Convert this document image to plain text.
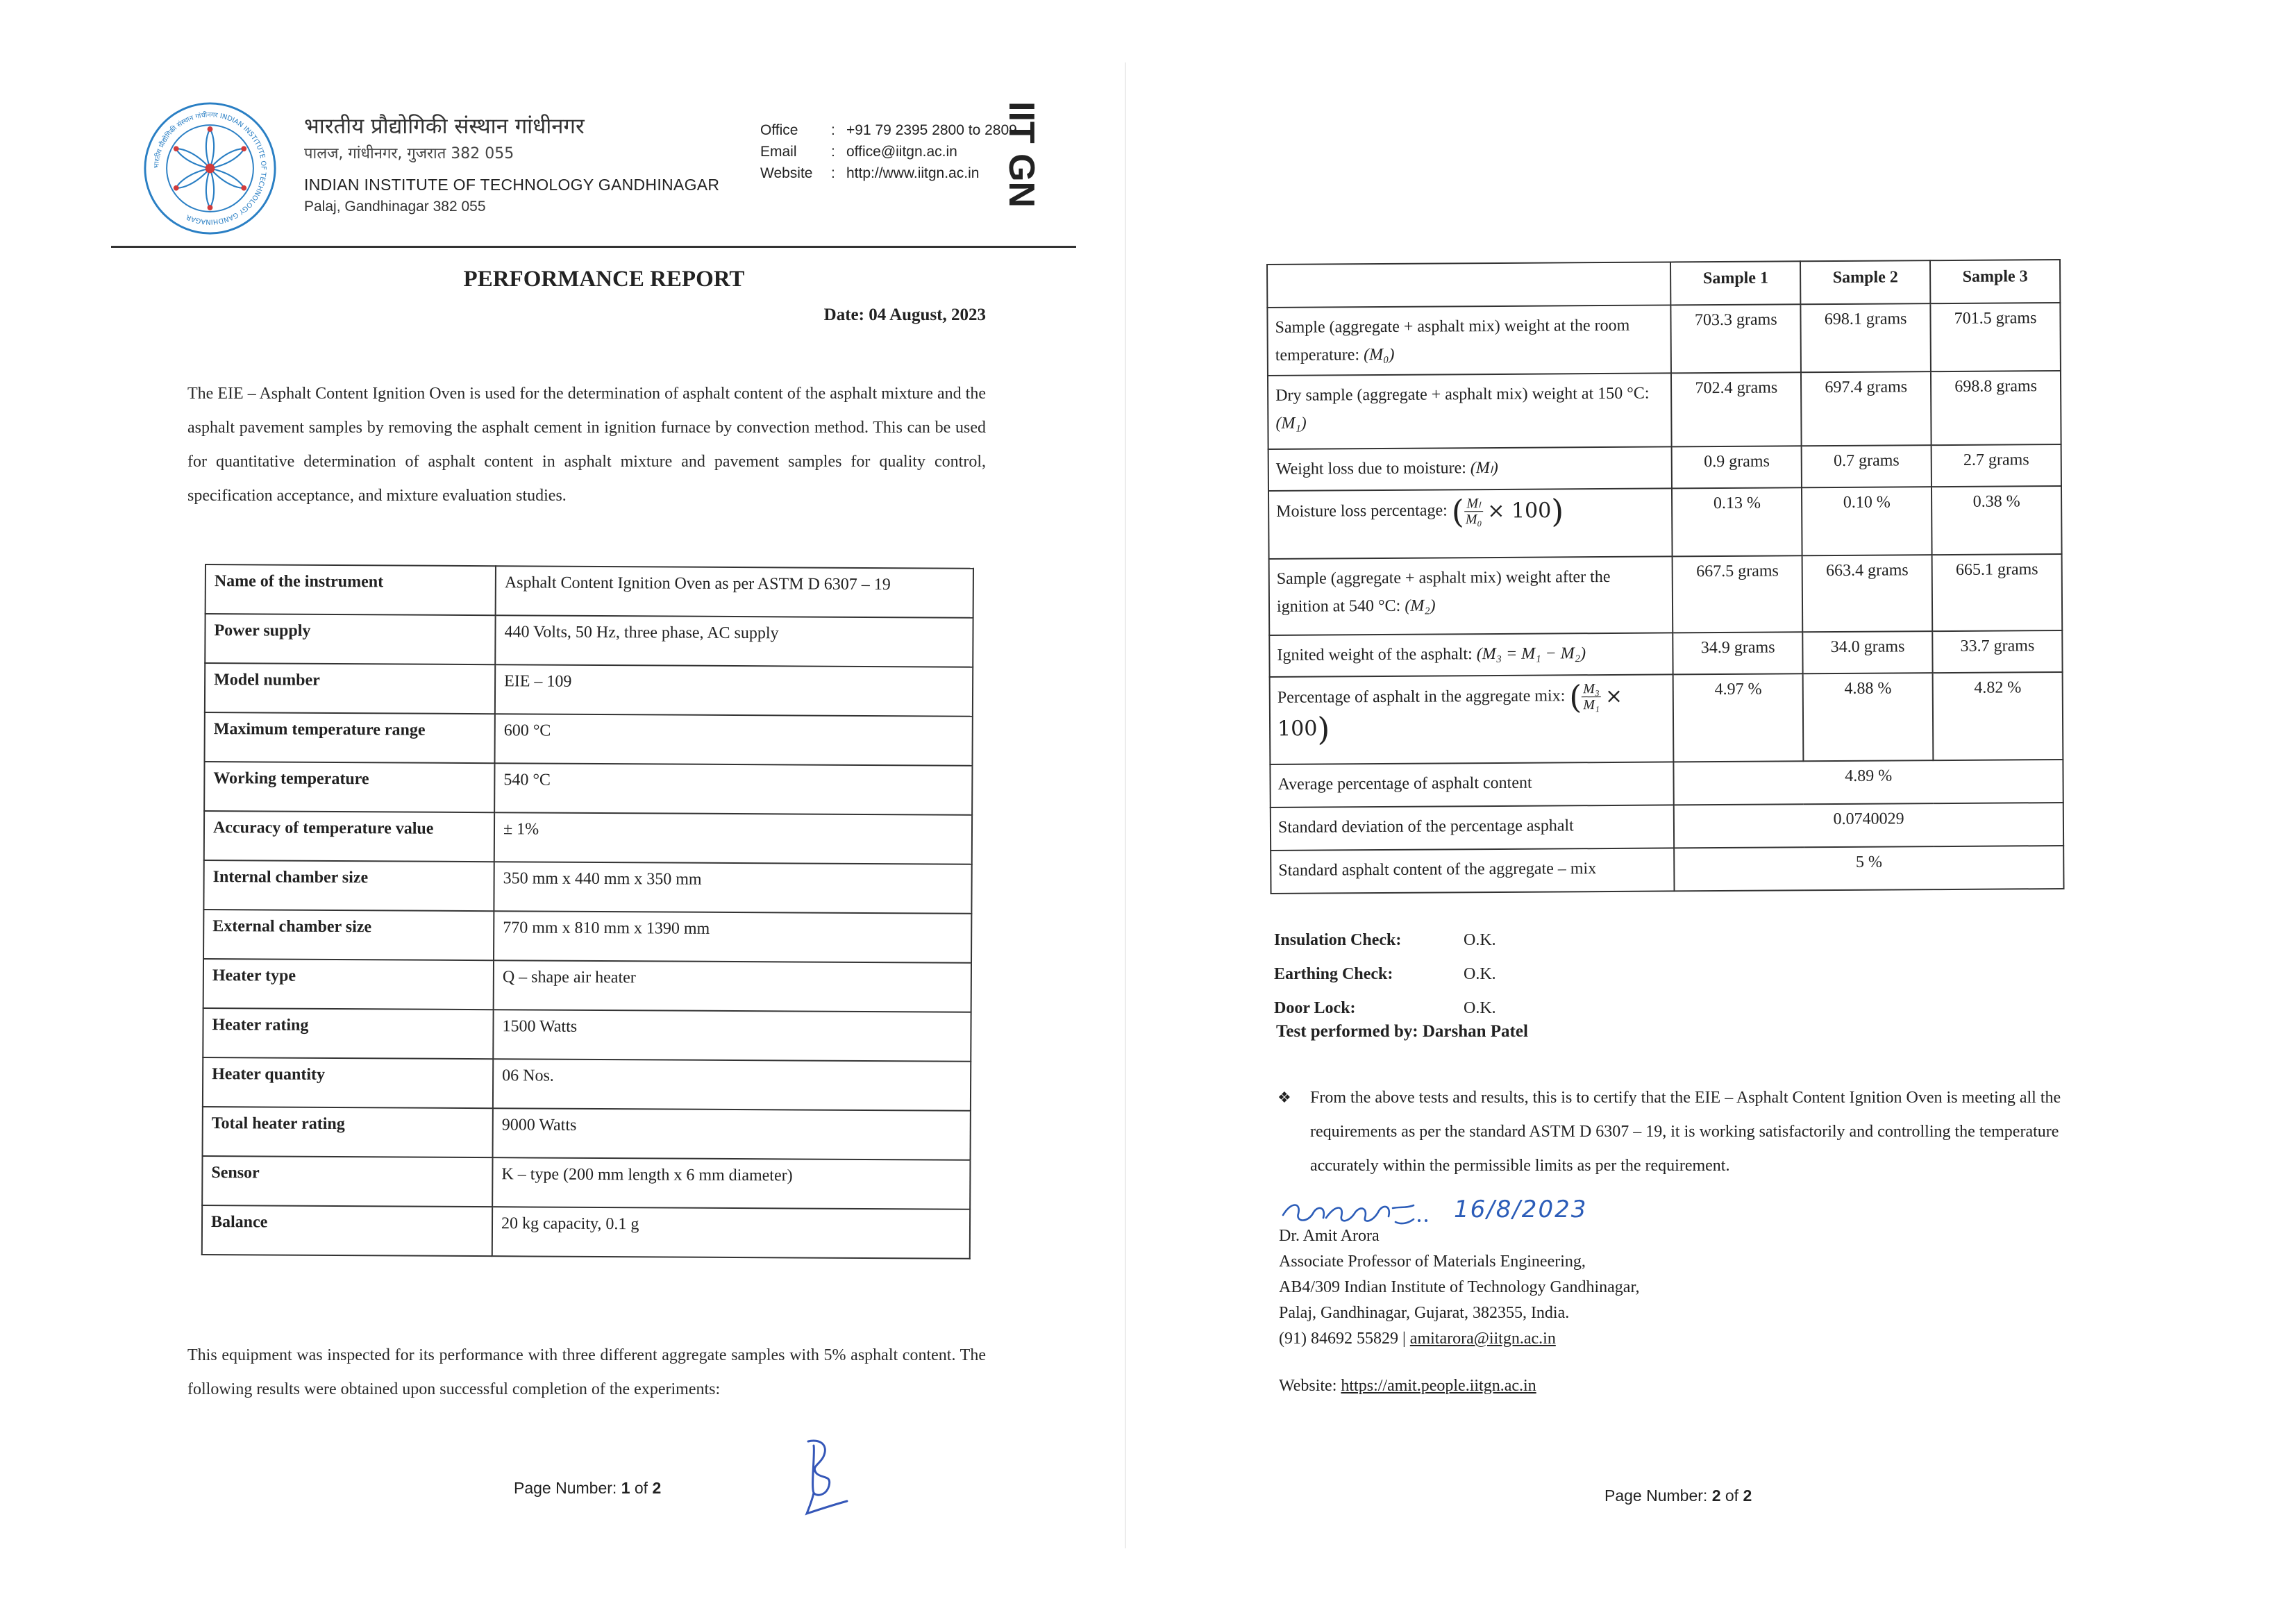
भारतीय प्रौद्योगिकी संस्थान गांधीनगर INDIAN INSTITUTE OF TECHNOLOGY GANDHINAGAR
भारतीय प्रौद्योगिकी संस्थान गांधीनगर
पालज, गांधीनगर, गुजरात 382 055
INDIAN INSTITUTE OF TECHNOLOGY GANDHINAGAR
Palaj, Gandhinagar 382 055
Office : +91 79 2395 2800 to 2809
Email : office@iitgn.ac.in
Website : http://www.iitgn.ac.in IIT GN
PERFORMANCE REPORT
Date: 04 August, 2023
The EIE – Asphalt Content Ignition Oven is used for the determination of asphalt content of the asphalt mixture and the asphalt pavement samples by removing the asphalt cement in ignition furnace by convection method. This can be used for quantitative determination of asphalt content in asphalt mixture and pavement samples for quality control, specification acceptance, and mixture evaluation studies.
Name of the instrument	Asphalt Content Ignition Oven as per ASTM D 6307 – 19
Power supply	440 Volts, 50 Hz, three phase, AC supply
Model number	EIE – 109
Maximum temperature range	600 °C
Working temperature	540 °C
Accuracy of temperature value	± 1%
Internal chamber size	350 mm x 440 mm x 350 mm
External chamber size	770 mm x 810 mm x 1390 mm
Heater type	Q – shape air heater
Heater rating	1500 Watts
Heater quantity	06 Nos.
Total heater rating	9000 Watts
Sensor	K – type (200 mm length x 6 mm diameter)
Balance	20 kg capacity, 0.1 g
This equipment was inspected for its performance with three different aggregate samples with 5% asphalt content. The following results were obtained upon successful completion of the experiments:
Page Number: 1 of 2
	Sample 1	Sample 2	Sample 3
Sample (aggregate + asphalt mix) weight at the room temperature: (M₀)	703.3 grams	698.1 grams	701.5 grams
Dry sample (aggregate + asphalt mix) weight at 150 °C: (M₁)	702.4 grams	697.4 grams	698.8 grams
Weight loss due to moisture: (Mₗ)	0.9 grams	0.7 grams	2.7 grams
Moisture loss percentage: ( $\frac{\text{Mₗ}}{\text{M₀}} \times 100$)	0.13 %	0.10 %	0.38 %
Sample (aggregate + asphalt mix) weight after the ignition at 540 °C: (M₂)	667.5 grams	663.4 grams	665.1 grams
Ignited weight of the asphalt: (M₃ = M₁ − M₂)	34.9 grams	34.0 grams	33.7 grams
Percentage of asphalt in the aggregate mix: ( $\frac{\text{M₃}}{\text{M₁}} \times 100$)	4.97 %	4.88 %	4.82 %
Average percentage of asphalt content	4.89 %		
Standard deviation of the percentage asphalt	0.0740029		
Standard asphalt content of the aggregate – mix	5 %		
Insulation Check:	O.K.
Earthing Check:	O.K.
Door Lock:	O.K.
Test performed by: Darshan Patel
❖ From the above tests and results, this is to certify that the EIE – Asphalt Content Ignition Oven is meeting all the requirements as per the standard ASTM D 6307 – 19, it is working satisfactorily and controlling the temperature accurately within the permissible limits as per the requirement.
16/8/2023
Dr. Amit Arora
Associate Professor of Materials Engineering,
AB4/309 Indian Institute of Technology Gandhinagar,
Palaj, Gandhinagar, Gujarat, 382355, India.
(91) 84692 55829 | amitarora@iitgn.ac.in
Website: https://amit.people.iitgn.ac.in
Page Number: 2 of 2
